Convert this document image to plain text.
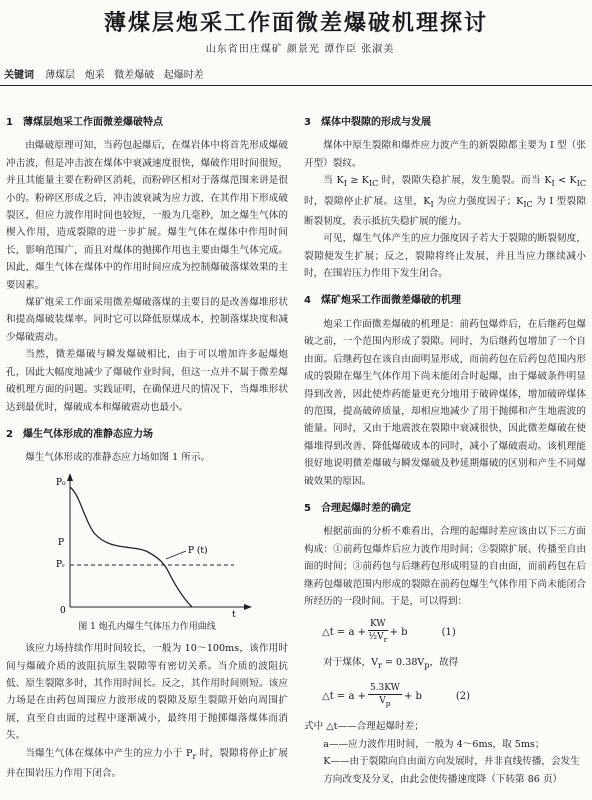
薄煤层炮采工作面微差爆破机理探讨
山东省田庄煤矿 颜景光 谭作臣 张淑美
关键词 薄煤层   炮采   微差爆破   起爆时差
1 薄煤层炮采工作面微差爆破特点

由爆破原理可知，当药包起爆后，在煤岩体中将首先形成爆破冲击波，但是冲击波在煤体中衰减速度很快，爆破作用时间很短，并且其能量主要在粉碎区消耗，而粉碎区相对于落煤范围来讲是很小的。粉碎区形成之后，冲击波衰减为应力波，在其作用下形成破裂区，但应力波作用时间也较短，一般为几毫秒，加之爆生气体的楔入作用，造成裂隙的进一步扩展。爆生气体在煤体中作用时间长，影响范围广，而且对煤体的抛掷作用也主要由爆生气体完成。因此，爆生气体在煤体中的作用时间应成为控制爆破落煤效果的主要因素。

煤矿炮采工作面采用微差爆破落煤的主要目的是改善爆堆形状和提高爆破装煤率。同时它可以降低原煤成本，控制落煤块度和减少爆破震动。

当然，微差爆破与瞬发爆破相比，由于可以增加许多起爆炮孔，因此大幅度地减少了爆破作业时间，但这一点并不属于微差爆破机理方面的问题。实践证明，在确保进尺的情况下，当爆堆形状达到最优时，爆破成本和爆破震动也最小。

2 爆生气体形成的准静态应力场

爆生气体形成的准静态应力场如图 1 所示。

P₀
P
Pᵣ
0	t
P (t)
图 1 炮孔内爆生气体压力作用曲线

该应力场持续作用时间较长，一般为 10～100ms，该作用时间与爆破介质的波阻抗原生裂隙等有密切关系。当介质的波阻抗低、原生裂隙多时，其作用时间长。反之，其作用时间则短。该应力场是在由药包周围应力波形成的裂隙及原生裂隙开始向周围扩展，直至自由面的过程中逐渐减小，最终用于抛掷爆落煤体而消失。

当爆生气体在煤体中产生的应力小于 $P_r$ 时，裂隙将停止扩展并在围岩压力作用下闭合。

3 煤体中裂隙的形成与发展

煤体中原生裂隙和爆炸应力波产生的新裂隙都主要为 I 型（张开型）裂纹。

当 $K_I \ge K_{IC}$ 时，裂隙失稳扩展，发生脆裂。而当 $K_I < K_{IC}$ 时，裂隙停止扩展。这里，$K_I$ 为应力强度因子；$K_{IC}$ 为 I 型裂隙断裂韧度，表示抵抗失稳扩展的能力。

可见，爆生气体产生的应力强度因子若大于裂隙的断裂韧度，裂隙便发生扩展；反之，裂隙将终止发展，并且当应力继续减小时，在围岩压力作用下发生闭合。

4 煤矿炮采工作面微差爆破的机理

炮采工作面微差爆破的机理是：前药包爆炸后，在后继药包爆破之前，一个范围内形成了裂隙。同时，为后继药包增加了一个自由面。后继药包在该自由面明显形成，而前药包在后药包范围内形成的裂隙在爆生气体作用下尚未能闭合时起爆，由于爆破条件明显得到改善，因此使炸药能量更充分地用于破碎煤体，增加破碎煤体的范围，提高破碎质量，却相应地减少了用于抛掷和产生地震波的能量。同时，又由于地震波在裂隙中衰减很快，因此微差爆破在使爆堆得到改善、降低爆破成本的同时，减小了爆破震动。该机理能很好地说明微差爆破与瞬发爆破及秒延期爆破的区别和产生不同爆破效果的原因。

5 合理起爆时差的确定

根据前面的分析不难看出，合理的起爆时差应该由以下三方面构成：①前药包爆炸后应力波作用时间；②裂隙扩展、传播至自由面的时间；③前药包与后继药包形成明显的自由面，而前药包在后继药包爆破范围内形成的裂隙在前药包爆生气体作用下尚未能闭合所经历的一段时间。于是，可以得到：

△t = $a + \frac{KW}{\frac{1}{2}V_r} + b$	(1)

对于煤体，$V_r = 0.38V_p$，故得

△t = $a + \frac{5.3KW}{V_p} + b$	(2)
式中 △t——合理起爆时差；
a——应力波作用时间，一般为 4～6ms，取 5ms；
K——由于裂隙向自由面方向发展时，并非直线传播，会发生方向改变及分叉，由此会使传播速度降（下转第 86 页）
